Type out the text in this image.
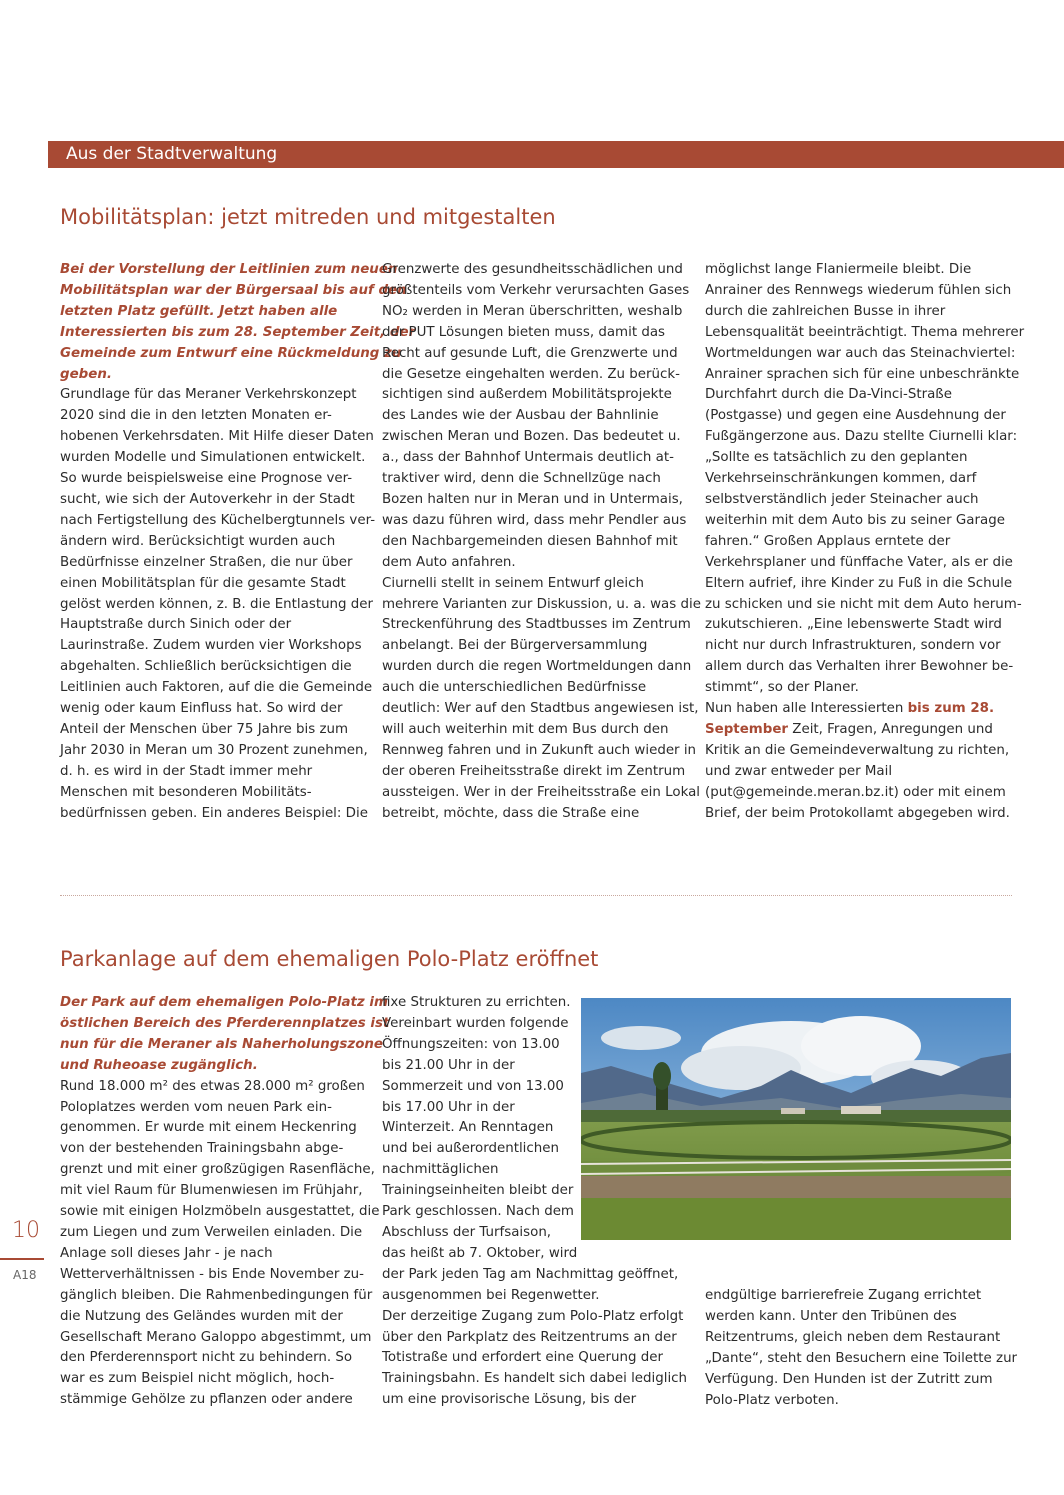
Aus der Stadtverwaltung
Mobilitätsplan: jetzt mitreden und mitgestalten
Bei der Vorstellung der Leitlinien zum neuen
Mobilitätsplan war der Bürgersaal bis auf den
letzten Platz gefüllt. Jetzt haben alle
Interessierten bis zum 28. September Zeit, der
Gemeinde zum Entwurf eine Rückmeldung zu
geben.
Grundlage für das Meraner Verkehrskonzept
2020 sind die in den letzten Monaten er-
hobenen Verkehrsdaten. Mit Hilfe dieser Daten
wurden Modelle und Simulationen entwickelt.
So wurde beispielsweise eine Prognose ver-
sucht, wie sich der Autoverkehr in der Stadt
nach Fertigstellung des Küchelbergtunnels ver-
ändern wird. Berücksichtigt wurden auch
Bedürfnisse einzelner Straßen, die nur über
einen Mobilitätsplan für die gesamte Stadt
gelöst werden können, z. B. die Entlastung der
Hauptstraße durch Sinich oder der
Laurinstraße. Zudem wurden vier Workshops
abgehalten. Schließlich berücksichtigen die
Leitlinien auch Faktoren, auf die die Gemeinde
wenig oder kaum Einfluss hat. So wird der
Anteil der Menschen über 75 Jahre bis zum
Jahr 2030 in Meran um 30 Prozent zunehmen,
d. h. es wird in der Stadt immer mehr
Menschen mit besonderen Mobilitäts-
bedürfnissen geben. Ein anderes Beispiel: Die
Grenzwerte des gesundheitsschädlichen und
größtenteils vom Verkehr verursachten Gases
NO₂ werden in Meran überschritten, weshalb
der PUT Lösungen bieten muss, damit das
Recht auf gesunde Luft, die Grenzwerte und
die Gesetze eingehalten werden. Zu berück-
sichtigen sind außerdem Mobilitätsprojekte
des Landes wie der Ausbau der Bahnlinie
zwischen Meran und Bozen. Das bedeutet u.
a., dass der Bahnhof Untermais deutlich at-
traktiver wird, denn die Schnellzüge nach
Bozen halten nur in Meran und in Untermais,
was dazu führen wird, dass mehr Pendler aus
den Nachbargemeinden diesen Bahnhof mit
dem Auto anfahren.
Ciurnelli stellt in seinem Entwurf gleich
mehrere Varianten zur Diskussion, u. a. was die
Streckenführung des Stadtbusses im Zentrum
anbelangt. Bei der Bürgerversammlung
wurden durch die regen Wortmeldungen dann
auch die unterschiedlichen Bedürfnisse
deutlich: Wer auf den Stadtbus angewiesen ist,
will auch weiterhin mit dem Bus durch den
Rennweg fahren und in Zukunft auch wieder in
der oberen Freiheitsstraße direkt im Zentrum
aussteigen. Wer in der Freiheitsstraße ein Lokal
betreibt, möchte, dass die Straße eine
möglichst lange Flaniermeile bleibt. Die
Anrainer des Rennwegs wiederum fühlen sich
durch die zahlreichen Busse in ihrer
Lebensqualität beeinträchtigt. Thema mehrerer
Wortmeldungen war auch das Steinachviertel:
Anrainer sprachen sich für eine unbeschränkte
Durchfahrt durch die Da-Vinci-Straße
(Postgasse) und gegen eine Ausdehnung der
Fußgängerzone aus. Dazu stellte Ciurnelli klar:
„Sollte es tatsächlich zu den geplanten
Verkehrseinschränkungen kommen, darf
selbstverständlich jeder Steinacher auch
weiterhin mit dem Auto bis zu seiner Garage
fahren.“ Großen Applaus erntete der
Verkehrsplaner und fünffache Vater, als er die
Eltern aufrief, ihre Kinder zu Fuß in die Schule
zu schicken und sie nicht mit dem Auto herum-
zukutschieren. „Eine lebenswerte Stadt wird
nicht nur durch Infrastrukturen, sondern vor
allem durch das Verhalten ihrer Bewohner be-
stimmt“, so der Planer.
Nun haben alle Interessierten bis zum 28.
September Zeit, Fragen, Anregungen und
Kritik an die Gemeindeverwaltung zu richten,
und zwar entweder per Mail
(put@gemeinde.meran.bz.it) oder mit einem
Brief, der beim Protokollamt abgegeben wird.
Parkanlage auf dem ehemaligen Polo-Platz eröffnet
Der Park auf dem ehemaligen Polo-Platz im
östlichen Bereich des Pferderennplatzes ist
nun für die Meraner als Naherholungszone
und Ruheoase zugänglich.
Rund 18.000 m² des etwas 28.000 m² großen
Poloplatzes werden vom neuen Park ein-
genommen. Er wurde mit einem Heckenring
von der bestehenden Trainingsbahn abge-
grenzt und mit einer großzügigen Rasenfläche,
mit viel Raum für Blumenwiesen im Frühjahr,
sowie mit einigen Holzmöbeln ausgestattet, die
zum Liegen und zum Verweilen einladen. Die
Anlage soll dieses Jahr - je nach
Wetterverhältnissen - bis Ende November zu-
gänglich bleiben. Die Rahmenbedingungen für
die Nutzung des Geländes wurden mit der
Gesellschaft Merano Galoppo abgestimmt, um
den Pferderennsport nicht zu behindern. So
war es zum Beispiel nicht möglich, hoch-
stämmige Gehölze zu pflanzen oder andere
fixe Strukturen zu errichten.
Vereinbart wurden folgende
Öffnungszeiten: von 13.00
bis 21.00 Uhr in der
Sommerzeit und von 13.00
bis 17.00 Uhr in der
Winterzeit. An Renntagen
und bei außerordentlichen
nachmittäglichen
Trainingseinheiten bleibt der
Park geschlossen. Nach dem
Abschluss der Turfsaison,
das heißt ab 7. Oktober, wird
der Park jeden Tag am Nachmittag geöffnet,
ausgenommen bei Regenwetter.
Der derzeitige Zugang zum Polo-Platz erfolgt
über den Parkplatz des Reitzentrums an der
Totistraße und erfordert eine Querung der
Trainingsbahn. Es handelt sich dabei lediglich
um eine provisorische Lösung, bis der
endgültige barrierefreie Zugang errichtet
werden kann. Unter den Tribünen des
Reitzentrums, gleich neben dem Restaurant
„Dante“, steht den Besuchern eine Toilette zur
Verfügung. Den Hunden ist der Zutritt zum
Polo-Platz verboten.
10
A18
